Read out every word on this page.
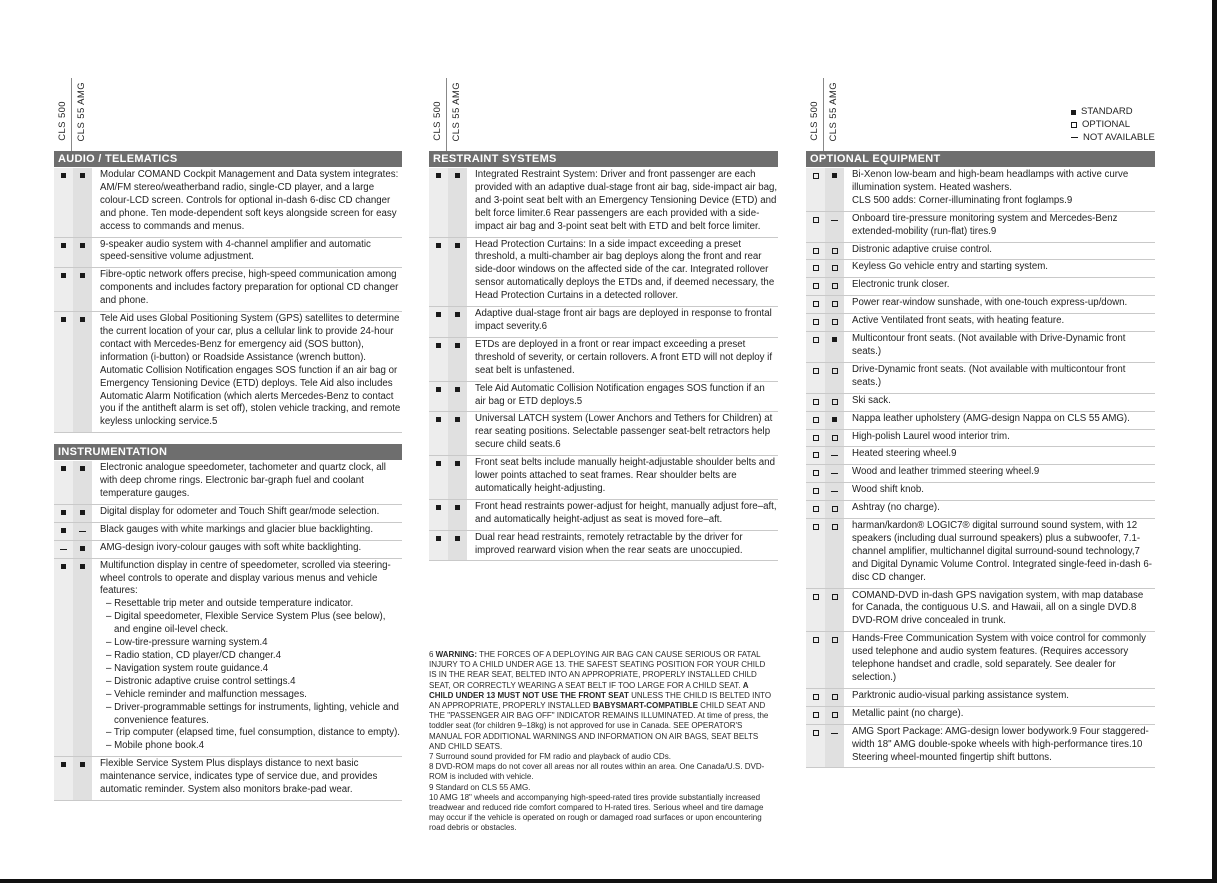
STANDARD
OPTIONAL
NOT AVAILABLE
CLS 500 CLS 55 AMG
AUDIO / TELEMATICS

Modular COMAND Cockpit Management and Data system integrates: AM/FM stereo/weatherband radio, single-CD player, and a large colour-LCD screen. Controls for optional in-dash 6-disc CD changer and phone. Ten mode-dependent soft keys alongside screen for easy access to commands and menus.

9-speaker audio system with 4-channel amplifier and automatic speed-sensitive volume adjustment.

Fibre-optic network offers precise, high-speed communication among components and includes factory preparation for optional CD changer and phone.

Tele Aid uses Global Positioning System (GPS) satellites to determine the current location of your car, plus a cellular link to provide 24-hour contact with Mercedes-Benz for emergency aid (SOS button), information (i-button) or Roadside Assistance (wrench button). Automatic Collision Notification engages SOS function if an air bag or Emergency Tensioning Device (ETD) deploys. Tele Aid also includes Automatic Alarm Notification (which alerts Mercedes-Benz to contact you if the antitheft alarm is set off), stolen vehicle tracking, and remote keyless unlocking service.5

INSTRUMENTATION

Electronic analogue speedometer, tachometer and quartz clock, all with deep chrome rings. Electronic bar-graph fuel and coolant temperature gauges.

Digital display for odometer and Touch Shift gear/mode selection.

Black gauges with white markings and glacier blue backlighting.

AMG-design ivory-colour gauges with soft white backlighting.

Multifunction display in centre of speedometer, scrolled via steering-wheel controls to operate and display various menus and vehicle features:

– Resettable trip meter and outside temperature indicator.
– Digital speedometer, Flexible Service System Plus (see below), and engine oil-level check.
– Low-tire-pressure warning system.4
– Radio station, CD player/CD changer.4
– Navigation system route guidance.4
– Distronic adaptive cruise control settings.4
– Vehicle reminder and malfunction messages.
– Driver-programmable settings for instruments, lighting, vehicle and convenience features.
– Trip computer (elapsed time, fuel consumption, distance to empty).
– Mobile phone book.4

Flexible Service System Plus displays distance to next basic maintenance service, indicates type of service due, and provides automatic reminder. System also monitors brake-pad wear.

CLS 500 CLS 55 AMG
RESTRAINT SYSTEMS

Integrated Restraint System: Driver and front passenger are each provided with an adaptive dual-stage front air bag, side-impact air bag, and 3-point seat belt with an Emergency Tensioning Device (ETD) and belt force limiter.6 Rear passengers are each provided with a side-impact air bag and 3-point seat belt with ETD and belt force limiter.

Head Protection Curtains: In a side impact exceeding a preset threshold, a multi-chamber air bag deploys along the front and rear side-door windows on the affected side of the car. Integrated rollover sensor automatically deploys the ETDs and, if deemed necessary, the Head Protection Curtains in a detected rollover.

Adaptive dual-stage front air bags are deployed in response to frontal impact severity.6

ETDs are deployed in a front or rear impact exceeding a preset threshold of severity, or certain rollovers. A front ETD will not deploy if seat belt is unfastened.

Tele Aid Automatic Collision Notification engages SOS function if an air bag or ETD deploys.5

Universal LATCH system (Lower Anchors and Tethers for Children) at rear seating positions. Selectable passenger seat-belt retractors help secure child seats.6

Front seat belts include manually height-adjustable shoulder belts and lower points attached to seat frames. Rear shoulder belts are automatically height-adjusting.

Front head restraints power-adjust for height, manually adjust fore–aft, and automatically height-adjust as seat is moved fore–aft.

Dual rear head restraints, remotely retractable by the driver for improved rearward vision when the rear seats are unoccupied.

CLS 500 CLS 55 AMG
OPTIONAL EQUIPMENT

Bi-Xenon low-beam and high-beam headlamps with active curve illumination system. Heated washers.

CLS 500 adds: Corner-illuminating front foglamps.9

Onboard tire-pressure monitoring system and Mercedes-Benz extended-mobility (run-flat) tires.9

Distronic adaptive cruise control.

Keyless Go vehicle entry and starting system.

Electronic trunk closer.

Power rear-window sunshade, with one-touch express-up/down.

Active Ventilated front seats, with heating feature.

Multicontour front seats. (Not available with Drive-Dynamic front seats.)

Drive-Dynamic front seats. (Not available with multicontour front seats.)

Ski sack.

Nappa leather upholstery (AMG-design Nappa on CLS 55 AMG).

High-polish Laurel wood interior trim.

Heated steering wheel.9

Wood and leather trimmed steering wheel.9

Wood shift knob.

Ashtray (no charge).

harman/kardon® LOGIC7® digital surround sound system, with 12 speakers (including dual surround speakers) plus a subwoofer, 7.1-channel amplifier, multichannel digital surround-sound technology,7 and Digital Dynamic Volume Control. Integrated single-feed in-dash 6-disc CD changer.

COMAND-DVD in-dash GPS navigation system, with map database for Canada, the contiguous U.S. and Hawaii, all on a single DVD.8 DVD-ROM drive concealed in trunk.

Hands-Free Communication System with voice control for commonly used telephone and audio system features. (Requires accessory telephone handset and cradle, sold separately. See dealer for selection.)

Parktronic audio-visual parking assistance system.

Metallic paint (no charge).

AMG Sport Package: AMG-design lower bodywork.9 Four staggered-width 18" AMG double-spoke wheels with high-performance tires.10 Steering wheel-mounted fingertip shift buttons.

6 WARNING: THE FORCES OF A DEPLOYING AIR BAG CAN CAUSE SERIOUS OR FATAL INJURY TO A CHILD UNDER AGE 13. THE SAFEST SEATING POSITION FOR YOUR CHILD IS IN THE REAR SEAT, BELTED INTO AN APPROPRIATE, PROPERLY INSTALLED CHILD SEAT, OR CORRECTLY WEARING A SEAT BELT IF TOO LARGE FOR A CHILD SEAT. A CHILD UNDER 13 MUST NOT USE THE FRONT SEAT UNLESS THE CHILD IS BELTED INTO AN APPROPRIATE, PROPERLY INSTALLED BABYSMART-COMPATIBLE CHILD SEAT AND THE "PASSENGER AIR BAG OFF" INDICATOR REMAINS ILLUMINATED. At time of press, the toddler seat (for children 9–18kg) is not approved for use in Canada. SEE OPERATOR'S MANUAL FOR ADDITIONAL WARNINGS AND INFORMATION ON AIR BAGS, SEAT BELTS AND CHILD SEATS.

7 Surround sound provided for FM radio and playback of audio CDs.

8 DVD-ROM maps do not cover all areas nor all routes within an area. One Canada/U.S. DVD-ROM is included with vehicle.

9 Standard on CLS 55 AMG.

10 AMG 18" wheels and accompanying high-speed-rated tires provide substantially increased treadwear and reduced ride comfort compared to H-rated tires. Serious wheel and tire damage may occur if the vehicle is operated on rough or damaged road surfaces or upon encountering road debris or obstacles.
